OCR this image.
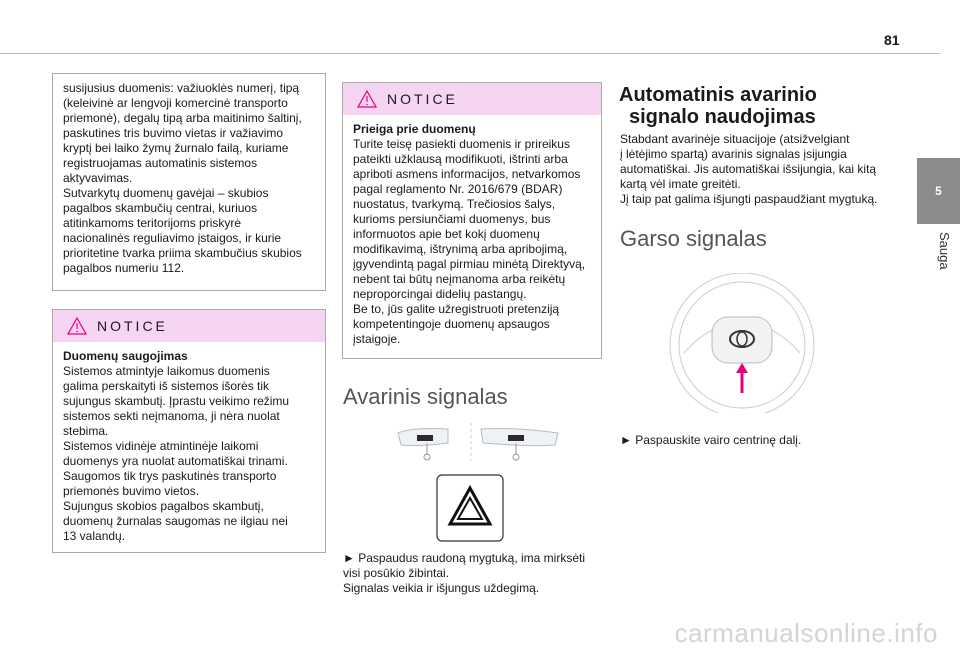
81
5
Sauga

susijusius duomenis: važiuoklės numerį, tipą

(keleivinė ar lengvoji komercinė transporto

priemonė), degalų tipą arba maitinimo šaltinį,

paskutines tris buvimo vietas ir važiavimo

kryptį bei laiko žymų žurnalo failą, kuriame

registruojamas automatinis sistemos

aktyvavimas.

Sutvarkytų duomenų gavėjai – skubios

pagalbos skambučių centrai, kuriuos

atitinkamoms teritorijoms priskyrė

nacionalinės reguliavimo įstaigos, ir kurie

prioritetine tvarka priima skambučius skubios

pagalbos numeriu 112.

NOTICE

Duomenų saugojimas

Sistemos atmintyje laikomus duomenis

galima perskaityti iš sistemos išorės tik

sujungus skambutį. Įprastu veikimo režimu

sistemos sekti neįmanoma, ji nėra nuolat

stebima.

Sistemos vidinėje atmintinėje laikomi

duomenys yra nuolat automatiškai trinami.

Saugomos tik trys paskutinės transporto

priemonės buvimo vietos.

Sujungus skobios pagalbos skambutį,

duomenų žurnalas saugomas ne ilgiau nei

13 valandų.

NOTICE

Prieiga prie duomenų

Turite teisę pasiekti duomenis ir prireikus

pateikti užklausą modifikuoti, ištrinti arba

apriboti asmens informacijos, netvarkomos

pagal reglamento Nr. 2016/679 (BDAR)

nuostatus, tvarkymą. Trečiosios šalys,

kurioms persiunčiami duomenys, bus

informuotos apie bet kokį duomenų

modifikavimą, ištrynimą arba apribojimą,

įgyvendintą pagal pirmiau minėtą Direktyvą,

nebent tai būtų neįmanoma arba reikėtų

neproporcingai didelių pastangų.

Be to, jūs galite užregistruoti pretenziją

kompetentingoje duomenų apsaugos

įstaigoje.

Avarinis signalas
► Paspaudus raudoną mygtuką, ima mirksėti
visi posūkio žibintai.
Signalas veikia ir išjungus uždegimą.
Automatinis avarinio
signalo naudojimas
Stabdant avarinėje situacijoje (atsižvelgiant
į lėtėjimo spartą) avarinis signalas įsijungia
automatiškai. Jis automatiškai išsijungia, kai kitą
kartą vėl imate greitėti.
Jį taip pat galima išjungti paspaudžiant mygtuką.
Garso signalas
► Paspauskite vairo centrinę dalį.
carmanualsonline.info
